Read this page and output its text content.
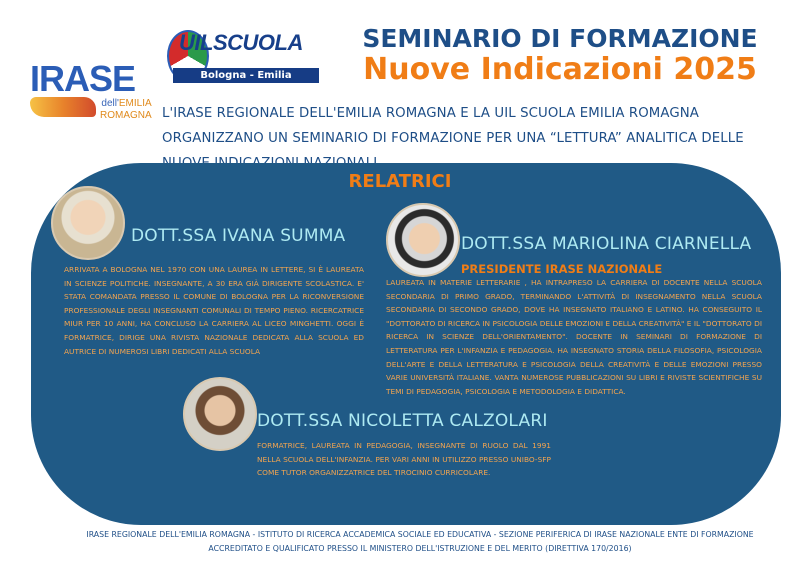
IRASE
dell'EMILIA
ROMAGNA
UILSCUOLA
Bologna - Emilia Romagna
SEMINARIO DI FORMAZIONE
Nuove Indicazioni 2025
L'IRASE REGIONALE DELL'EMILIA ROMAGNA E LA UIL SCUOLA EMILIA ROMAGNA ORGANIZZANO UN SEMINARIO DI FORMAZIONE PER UNA “LETTURA” ANALITICA DELLE
RELATRICI
DOTT.SSA IVANA SUMMA
ARRIVATA A BOLOGNA NEL 1970 CON UNA LAUREA IN LETTERE, SI È LAUREATA IN SCIENZE POLITICHE. INSEGNANTE, A 30 ERA GIÀ DIRIGENTE SCOLASTICA. E' STATA COMANDATA PRESSO IL COMUNE DI BOLOGNA PER LA RICONVERSIONE PROFESSIONALE DEGLI INSEGNANTI COMUNALI DI TEMPO PIENO. RICERCATRICE MIUR PER 10 ANNI, HA CONCLUSO LA CARRIERA AL LICEO MINGHETTI. OGGI È FORMATRICE, DIRIGE UNA RIVISTA NAZIONALE DEDICATA ALLA SCUOLA ED AUTRICE DI NUMEROSI LIBRI DEDICATI ALLA SCUOLA
DOTT.SSA MARIOLINA CIARNELLA
PRESIDENTE IRASE NAZIONALE
LAUREATA IN MATERIE LETTERARIE , HA INTRAPRESO LA CARRIERA DI DOCENTE NELLA SCUOLA SECONDARIA DI PRIMO GRADO, TERMINANDO L'ATTIVITÀ DI INSEGNAMENTO NELLA SCUOLA SECONDARIA DI SECONDO GRADO, DOVE HA INSEGNATO ITALIANO E LATINO. HA CONSEGUITO IL "DOTTORATO DI RICERCA IN PSICOLOGIA DELLE EMOZIONI E DELLA CREATIVITÀ" E IL "DOTTORATO DI RICERCA IN SCIENZE DELL'ORIENTAMENTO". DOCENTE IN SEMINARI DI FORMAZIONE DI LETTERATURA PER L'INFANZIA E PEDAGOGIA. HA INSEGNATO STORIA DELLA FILOSOFIA, PSICOLOGIA DELL'ARTE E DELLA LETTERATURA E PSICOLOGIA DELLA CREATIVITÀ E DELLE EMOZIONI PRESSO VARIE UNIVERSITÀ ITALIANE. VANTA NUMEROSE PUBBLICAZIONI SU LIBRI E RIVISTE SCIENTIFICHE SU TEMI DI PEDAGOGIA, PSICOLOGIA E METODOLOGIA E DIDATTICA.
DOTT.SSA NICOLETTA CALZOLARI
FORMATRICE, LAUREATA IN PEDAGOGIA, INSEGNANTE DI RUOLO DAL 1991 NELLA SCUOLA DELL'INFANZIA. PER VARI ANNI IN UTILIZZO PRESSO UNIBO-SFP COME TUTOR ORGANIZZATRICE DEL TIROCINIO CURRICOLARE.
IRASE REGIONALE DELL'EMILIA ROMAGNA - ISTITUTO DI RICERCA ACCADEMICA SOCIALE ED EDUCATIVA - SEZIONE PERIFERICA DI IRASE NAZIONALE ENTE DI FORMAZIONE ACCREDITATO E QUALIFICATO PRESSO IL MINISTERO DELL'ISTRUZIONE E DEL MERITO (DIRETTIVA 170/2016)
